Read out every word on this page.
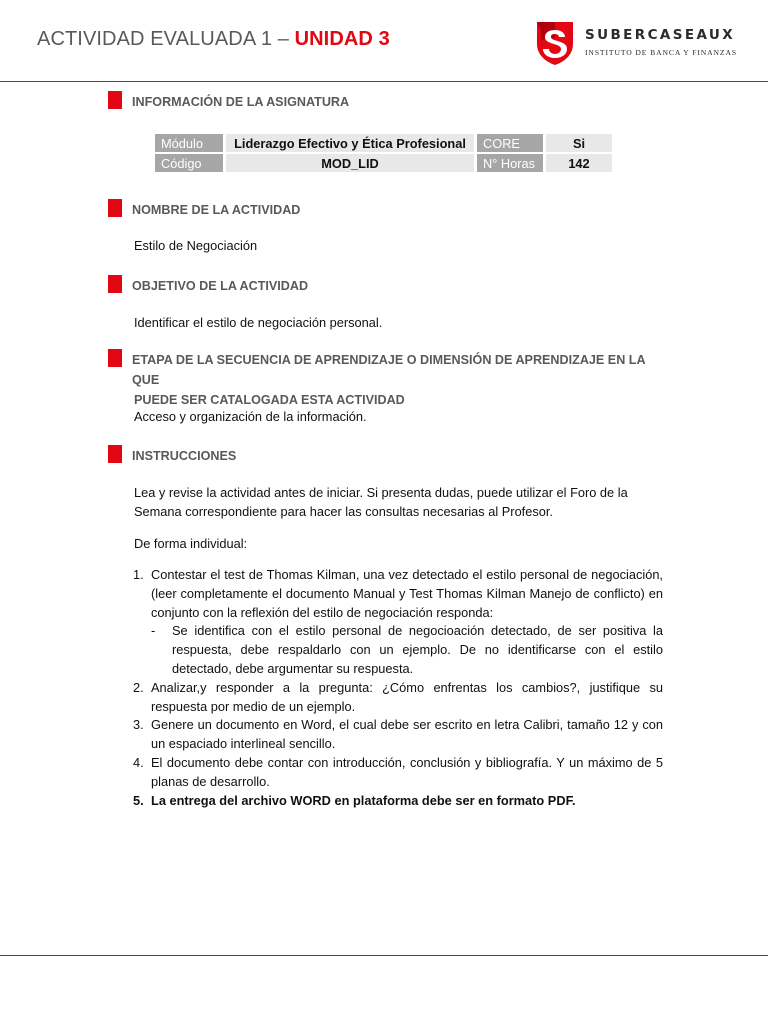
ACTIVIDAD EVALUADA 1 – UNIDAD 3	SUBERCASEAUX
INSTITUTO DE BANCA Y FINANZAS
INFORMACIÓN DE LA ASIGNATURA
Módulo	Liderazgo Efectivo y Ética Profesional	CORE	Si
Código	MOD_LID	N° Horas	142
NOMBRE DE LA ACTIVIDAD
Estilo de Negociación
OBJETIVO DE LA ACTIVIDAD
Identificar el estilo de negociación personal.
ETAPA DE LA SECUENCIA DE APRENDIZAJE O DIMENSIÓN DE APRENDIZAJE EN LA QUE
PUEDE SER CATALOGADA ESTA ACTIVIDAD
Acceso y organización de la información.
INSTRUCCIONES
Lea y revise la actividad antes de iniciar. Si presenta dudas, puede utilizar el Foro de la
Semana correspondiente para hacer las consultas necesarias al Profesor.
De forma individual:
1. Contestar el test de Thomas Kilman, una vez detectado el estilo personal de negociación, (leer completamente el documento Manual y Test Thomas Kilman Manejo de conflicto) en conjunto con la reflexión del estilo de negociación responda:
- Se identifica con el estilo personal de negocioación detectado, de ser positiva la respuesta, debe respaldarlo con un ejemplo. De no identificarse con el estilo detectado, debe argumentar su respuesta.
2. Analizar,y responder a la pregunta: ¿Cómo enfrentas los cambios?, justifique su respuesta por medio de un ejemplo.
3. Genere un documento en Word, el cual debe ser escrito en letra Calibri, tamaño 12 y con un espaciado interlineal sencillo.
4. El documento debe contar con introducción, conclusión y bibliografía. Y un máximo de 5 planas de desarrollo.
5. La entrega del archivo WORD en plataforma debe ser en formato PDF.
